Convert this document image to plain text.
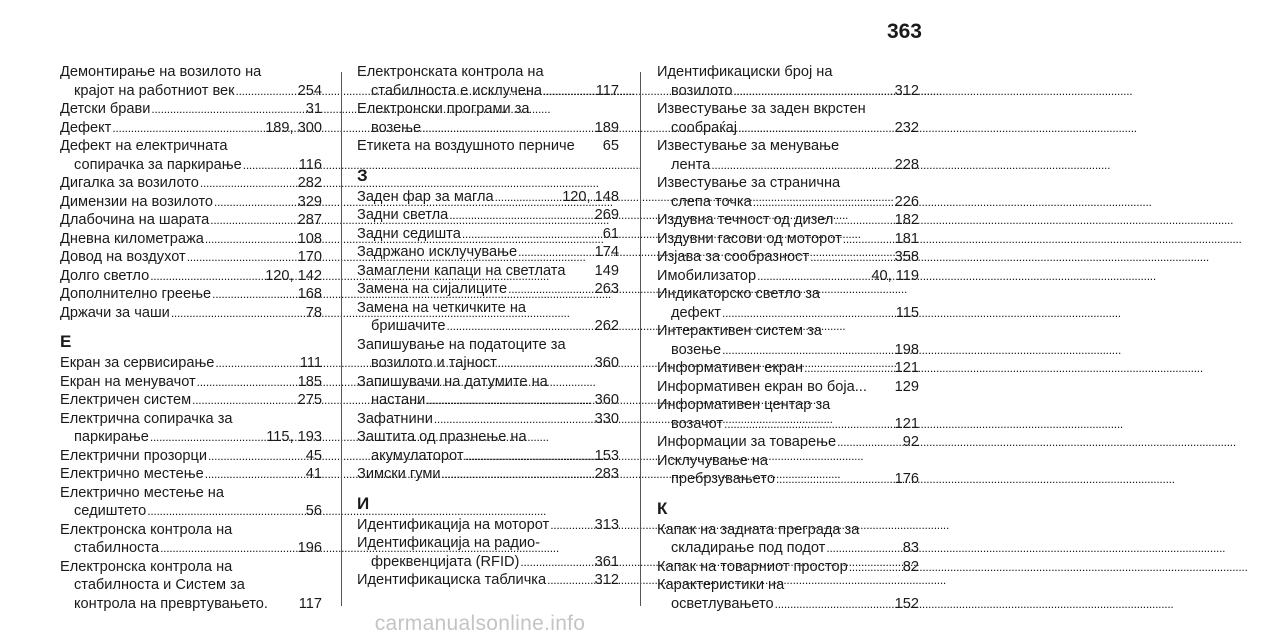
363
Демонтирање на возилото на
крајот на работниот век . . .	254
Детски брави . . .	31
Дефект . . .	189, 300
Дефект на електричната
сопирачка за паркирање . . .	116
Дигалка за возилото . . .	282
Димензии на возилото . . .	329
Длабочина на шарата . . .	287
Дневна километража . . .	108
Довод на воздухот . . .	170
Долго светло . . .	120, 142
Дополнително греење . . .	168
Држачи за чаши . . .	78
Е
Екран за сервисирање . . .	111
Екран на менувачот . . .	185
Електричен систем . . .	275
Електрична сопирачка за
паркирање . . .	115, 193
Електрични прозорци . . .	45
Електрично местење . . .	41
Електрично местење на
седиштето . . .	56
Електронска контрола на
стабилноста . . .	196
Електронска контрола на
стабилноста и Систем за
контрола на превртувањето. 117
Електронската контрола на
стабилноста е исклучена . . .	117
Електронски програми за
возење . . .	189
Етикета на воздушното перниче 65
З
Заден фар за магла . . .	120, 148
Задни светла . . .	269
Задни седишта . . .	61
Задржано исклучување . . .	174
Замаглени капаци на светлата 149
Замена на сијалиците . . .	263
Замена на четкичките на
бришачите . . .	262
Запишување на податоците за
возилото и тајност . . .	360
Запишувачи на датумите на
настани . . .	360
Зафатнини . . .	330
Заштита од празнење на
акумулаторот . . .	153
Зимски гуми . . .	283
И
Идентификација на моторот . . .	313
Идентификација на радио-
фреквенцијата (RFID) . . .	361
Идентификациска табличка . . .	312
Идентификациски број на
возилото . . .	312
Известување за заден вкрстен
сообраќај . . .	232
Известување за менување
лента . . .	228
Известување за странична
слепа точка . . .	226
Издувна течност од дизел . . .	182
Издувни гасови од моторот . . .	181
Изјава за сообразност . . .	358
Имобилизатор . . .	40, 119
Индикаторско светло за
дефект . . .	115
Интерактивен систем за
возење . . .	198
Информативен екран . . .	121
Информативен екран во боја... 129
Информативен центар за
возачот . . .	121
Информации за товарење . . .	92
Исклучување на
пребрзувањето . . .	176
К
Капак на задната преграда за
складирање под подот . . .	83
Капак на товарниот простор . . .	82
Карактеристики на
осветлувањето . . .	152
carmanualsonline.info
